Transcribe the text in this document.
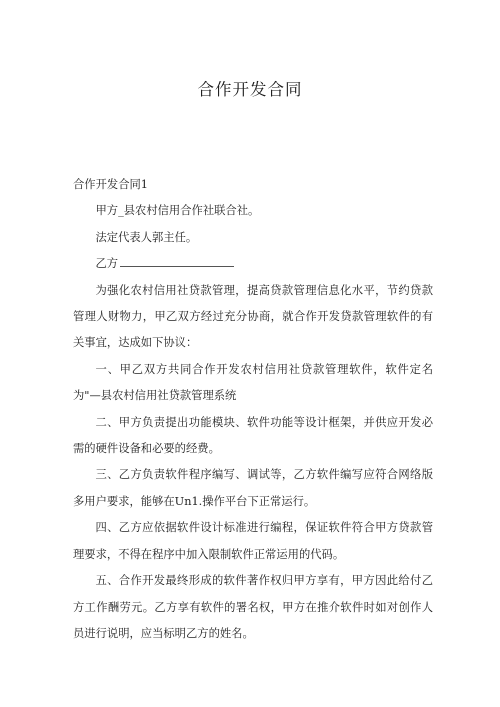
合作开发合同

合作开发合同1

甲方_县农村信用合作社联合社。

法定代表人郭主任。

乙方

为强化农村信用社贷款管理，提高贷款管理信息化水平，节约贷款管理人财物力，甲乙双方经过充分协商，就合作开发贷款管理软件的有关事宜，达成如下协议：

一、甲乙双方共同合作开发农村信用社贷款管理软件，软件定名为"—县农村信用社贷款管理系统

二、甲方负责提出功能模块、软件功能等设计框架，并供应开发必需的硬件设备和必要的经费。

三、乙方负责软件程序编写、调试等，乙方软件编写应符合网络版多用户要求，能够在Un1.操作平台下正常运行。

四、乙方应依据软件设计标准进行编程，保证软件符合甲方贷款管理要求，不得在程序中加入限制软件正常运用的代码。

五、合作开发最终形成的软件著作权归甲方享有，甲方因此给付乙方工作酬劳元。乙方享有软件的署名权，甲方在推介软件时如对创作人员进行说明，应当标明乙方的姓名。
